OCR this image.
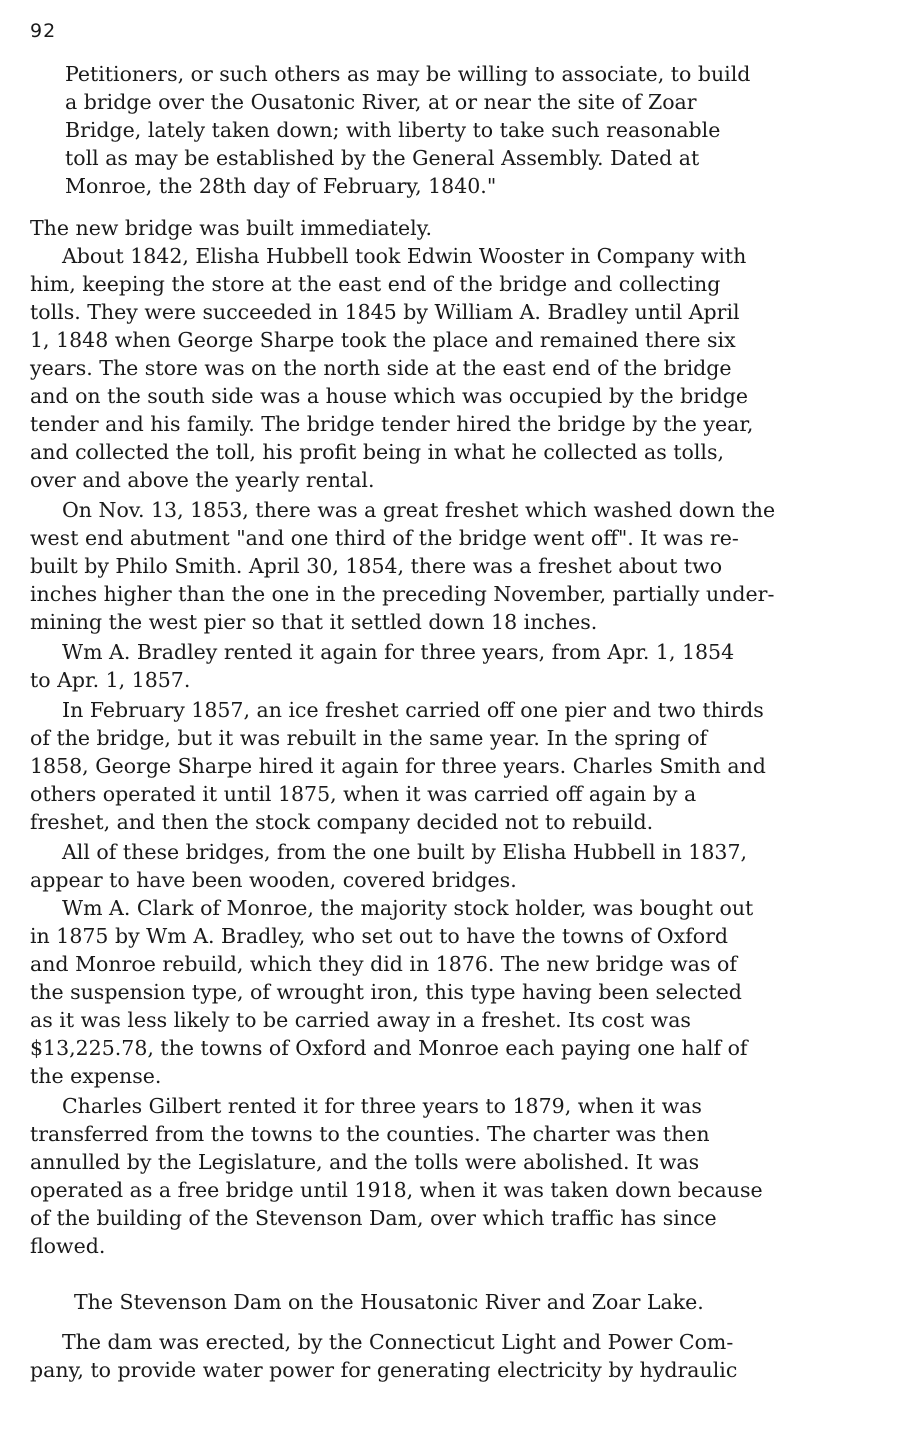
92
Petitioners, or such others as may be willing to associate, to build
a bridge over the Ousatonic River, at or near the site of Zoar
Bridge, lately taken down; with liberty to take such reasonable
toll as may be established by the General Assembly. Dated at
Monroe, the 28th day of February, 1840."
The new bridge was built immediately.
About 1842, Elisha Hubbell took Edwin Wooster in Company with
him, keeping the store at the east end of the bridge and collecting
tolls. They were succeeded in 1845 by William A. Bradley until April
1, 1848 when George Sharpe took the place and remained there six
years. The store was on the north side at the east end of the bridge
and on the south side was a house which was occupied by the bridge
tender and his family. The bridge tender hired the bridge by the year,
and collected the toll, his profit being in what he collected as tolls,
over and above the yearly rental.
On Nov. 13, 1853, there was a great freshet which washed down the
west end abutment "and one third of the bridge went off". It was re-
built by Philo Smith. April 30, 1854, there was a freshet about two
inches higher than the one in the preceding November, partially under-
mining the west pier so that it settled down 18 inches.
Wm A. Bradley rented it again for three years, from Apr. 1, 1854
to Apr. 1, 1857.
In February 1857, an ice freshet carried off one pier and two thirds
of the bridge, but it was rebuilt in the same year. In the spring of
1858, George Sharpe hired it again for three years. Charles Smith and
others operated it until 1875, when it was carried off again by a
freshet, and then the stock company decided not to rebuild.
All of these bridges, from the one built by Elisha Hubbell in 1837,
appear to have been wooden, covered bridges.
Wm A. Clark of Monroe, the majority stock holder, was bought out
in 1875 by Wm A. Bradley, who set out to have the towns of Oxford
and Monroe rebuild, which they did in 1876. The new bridge was of
the suspension type, of wrought iron, this type having been selected
as it was less likely to be carried away in a freshet. Its cost was
$13,225.78, the towns of Oxford and Monroe each paying one half of
the expense.
Charles Gilbert rented it for three years to 1879, when it was
transferred from the towns to the counties. The charter was then
annulled by the Legislature, and the tolls were abolished. It was
operated as a free bridge until 1918, when it was taken down because
of the building of the Stevenson Dam, over which traffic has since
flowed.
The Stevenson Dam on the Housatonic River and Zoar Lake.
The dam was erected, by the Connecticut Light and Power Com-
pany, to provide water power for generating electricity by hydraulic
